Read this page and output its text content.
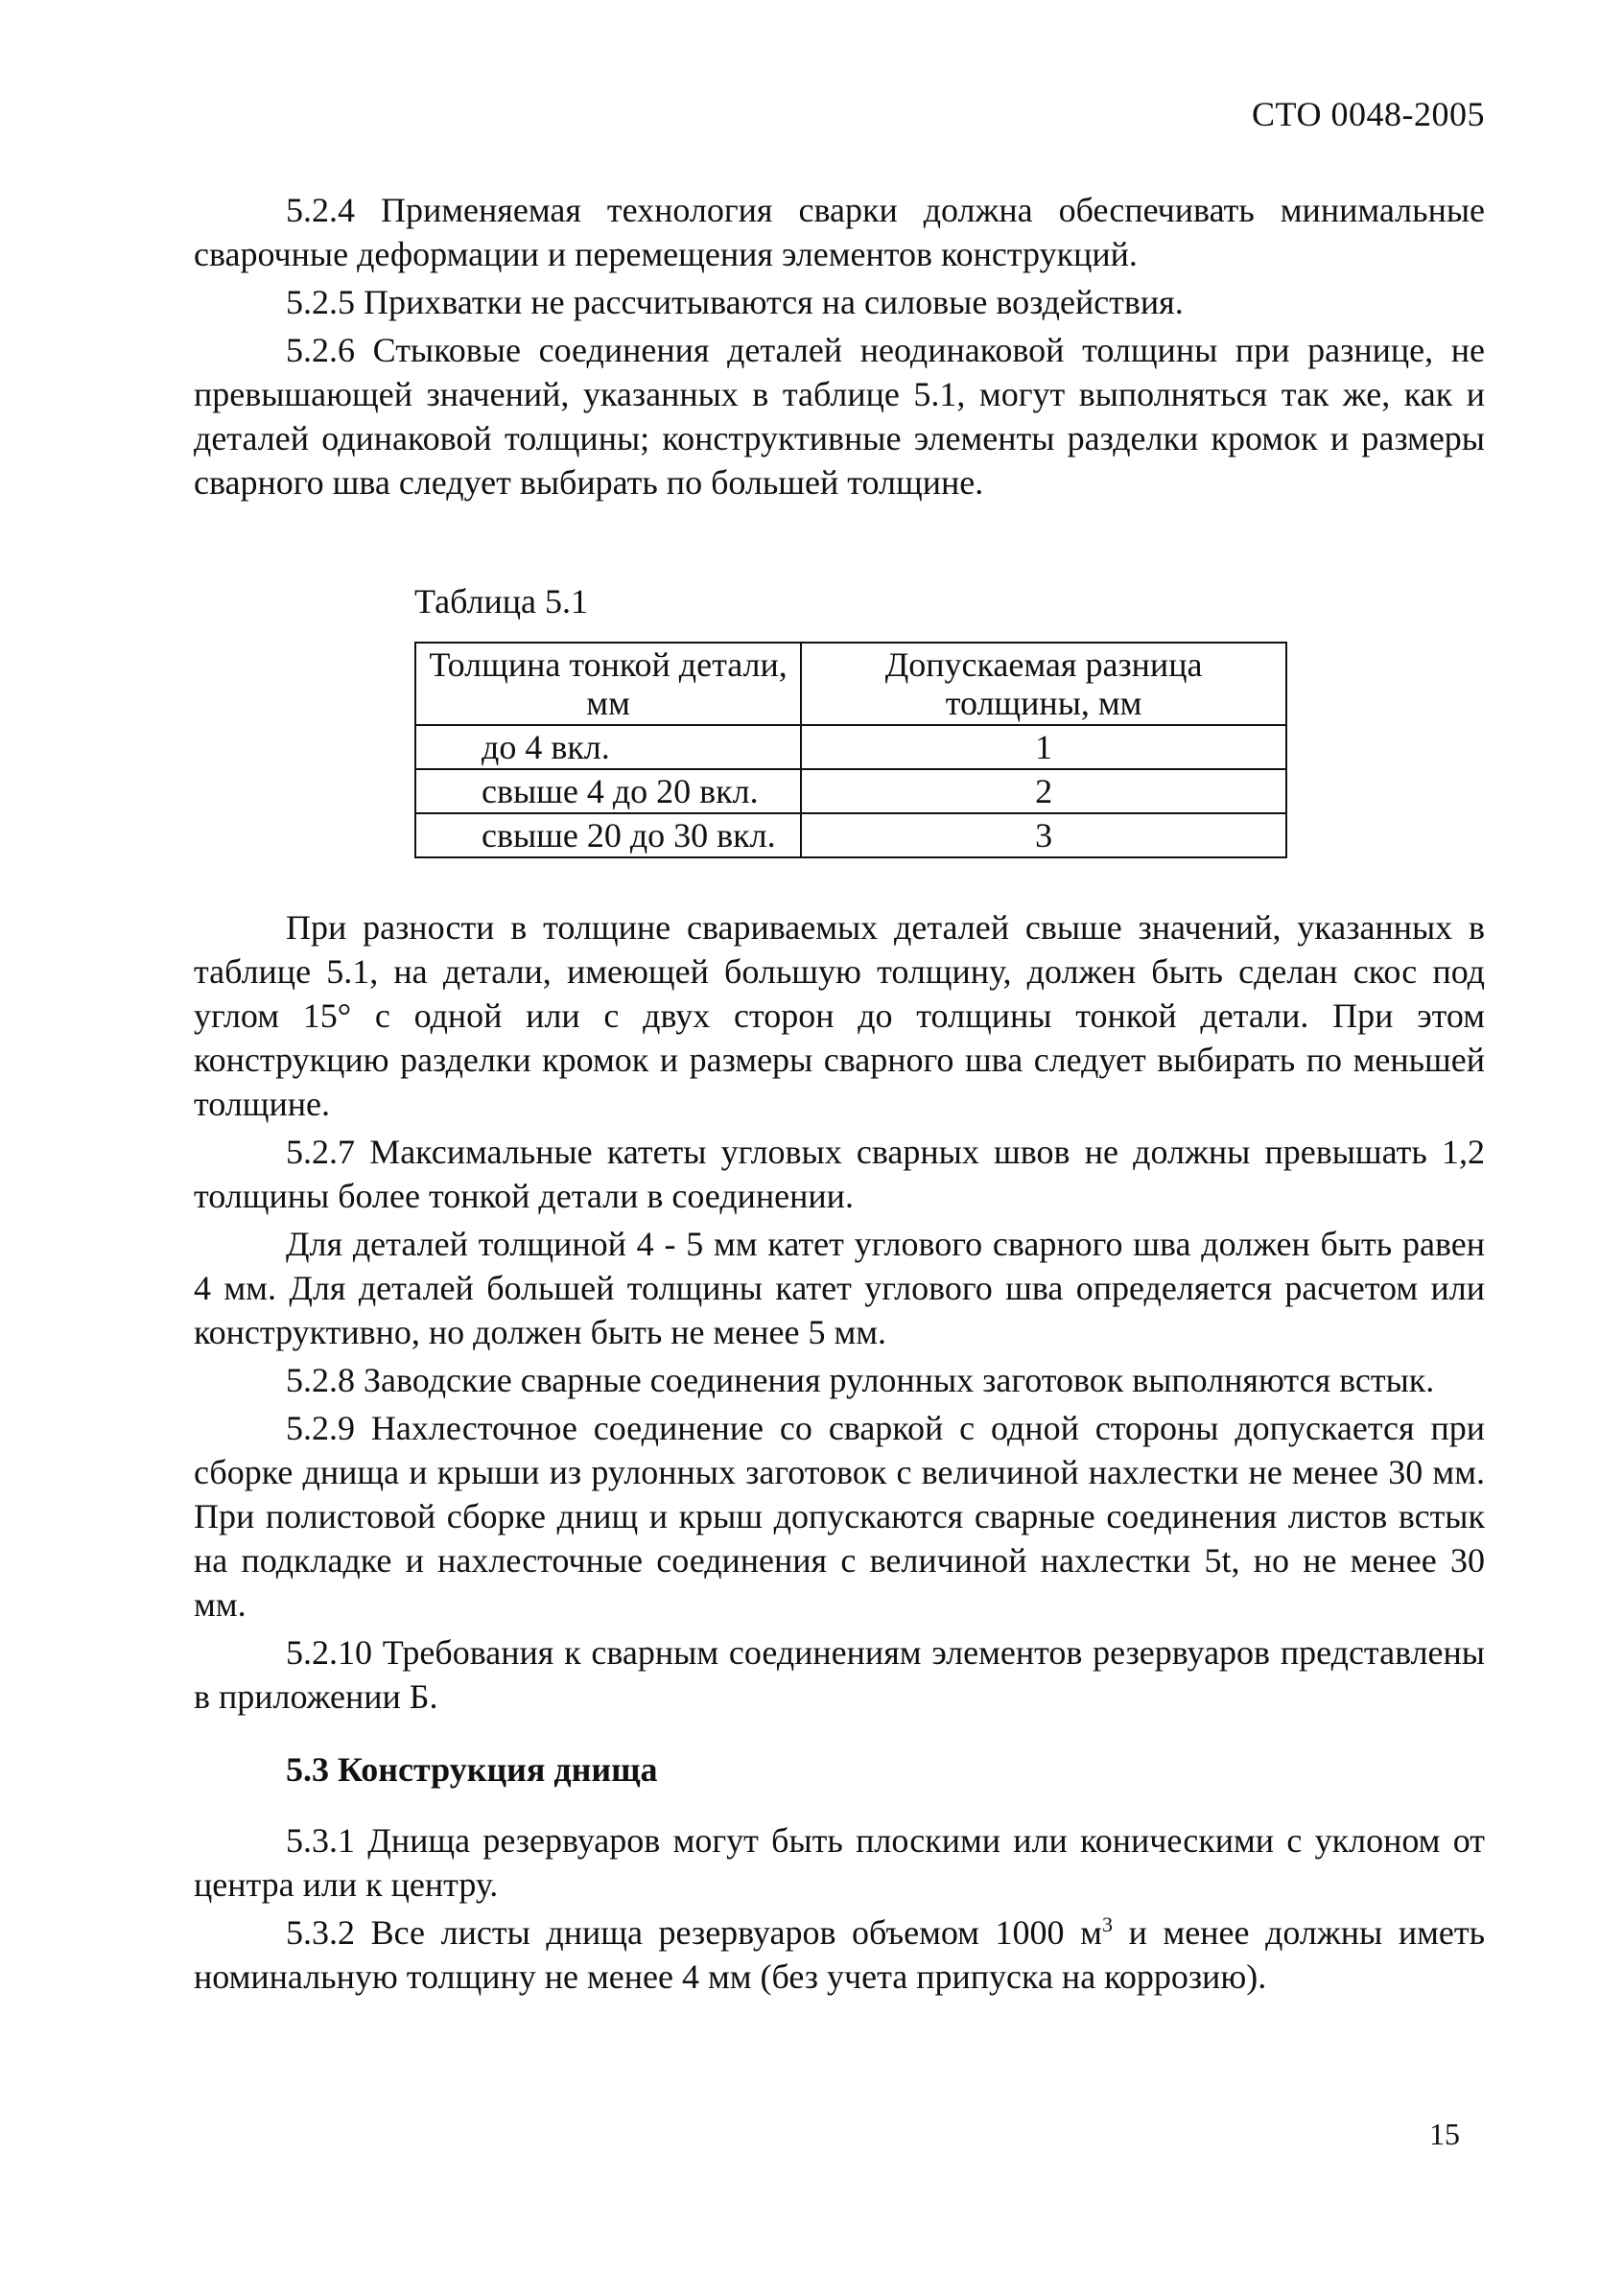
СТО 0048-2005

5.2.4 Применяемая технология сварки должна обеспечивать минимальные сварочные деформации и перемещения элементов конструкций.

5.2.5 Прихватки не рассчитываются на силовые воздействия.

5.2.6 Стыковые соединения деталей неодинаковой толщины при разнице, не превышающей значений, указанных в таблице 5.1, могут выполняться так же, как и деталей одинаковой толщины; конструктивные элементы разделки кромок и размеры сварного шва следует выбирать по большей толщине.

Таблица 5.1
Толщина тонкой детали, мм	Допускаемая разница толщины, мм
до 4 вкл.	1
свыше 4 до 20 вкл.	2
свыше 20 до 30 вкл.	3

При разности в толщине свариваемых деталей свыше значений, указанных в таблице 5.1, на детали, имеющей большую толщину, должен быть сделан скос под углом 15° с одной или с двух сторон до толщины тонкой детали. При этом конструкцию разделки кромок и размеры сварного шва следует выбирать по меньшей толщине.

5.2.7 Максимальные катеты угловых сварных швов не должны превышать 1,2 толщины более тонкой детали в соединении.

Для деталей толщиной 4 - 5 мм катет углового сварного шва должен быть равен 4 мм. Для деталей большей толщины катет углового шва определяется расчетом или конструктивно, но должен быть не менее 5 мм.

5.2.8 Заводские сварные соединения рулонных заготовок выполняются встык.

5.2.9 Нахлесточное соединение со сваркой с одной стороны допускается при сборке днища и крыши из рулонных заготовок с величиной нахлестки не менее 30 мм. При полистовой сборке днищ и крыш допускаются сварные соединения листов встык на подкладке и нахлесточные соединения с величиной нахлестки 5t, но не менее 30 мм.

5.2.10 Требования к сварным соединениям элементов резервуаров представлены в приложении Б.

5.3 Конструкция днища

5.3.1 Днища резервуаров могут быть плоскими или коническими с уклоном от центра или к центру.

5.3.2 Все листы днища резервуаров объемом 1000 $м^3$ и менее должны иметь номинальную толщину не менее 4 мм (без учета припуска на коррозию).

15
